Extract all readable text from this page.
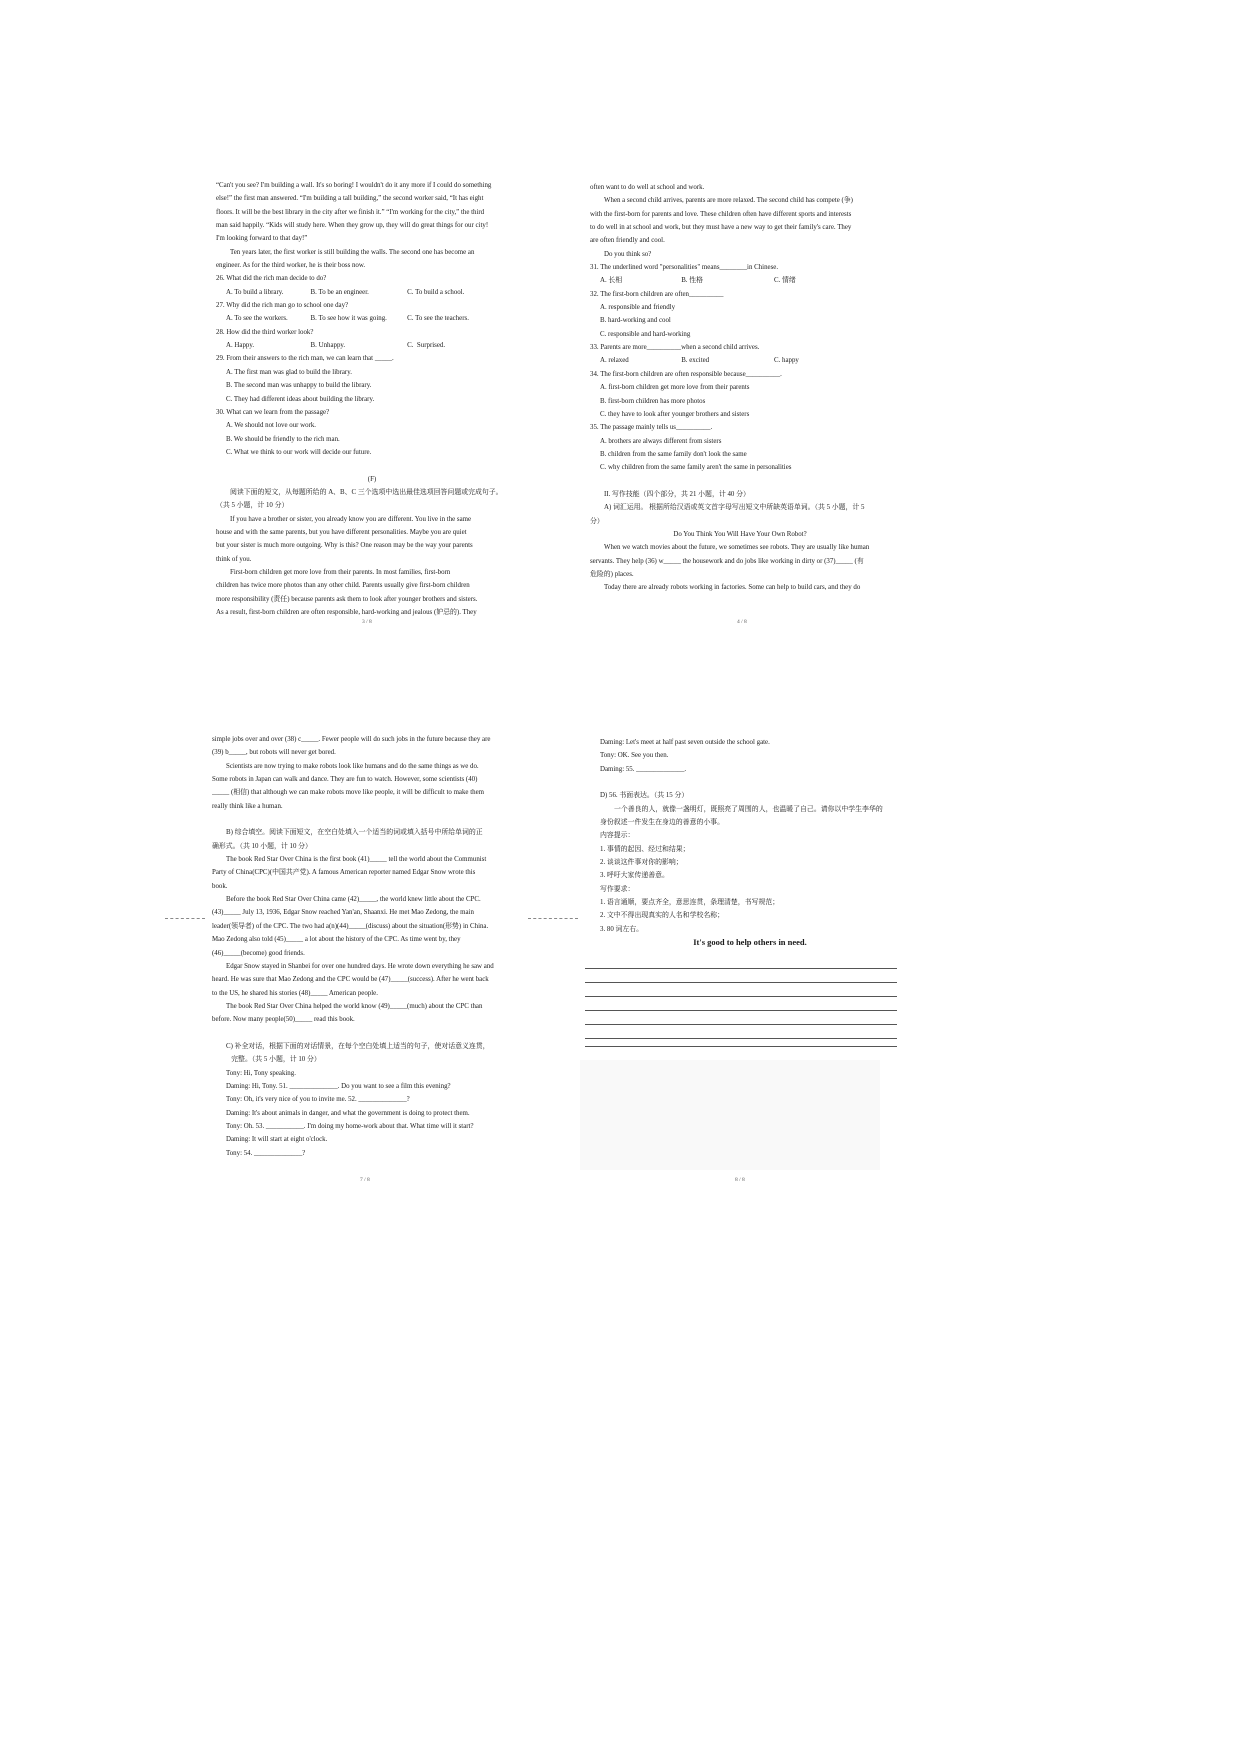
“Can't you see? I'm building a wall. It's so boring! I wouldn't do it any more if I could do something
else!” the first man answered. “I'm building a tall building,” the second worker said, “It has eight
floors. It will be the best library in the city after we finish it.” “I'm working for the city,” the third
man said happily. “Kids will study here. When they grow up, they will do great things for our city!
I'm looking forward to that day!”
Ten years later, the first worker is still building the walls. The second one has become an
engineer. As for the third worker, he is their boss now.
26. What did the rich man decide to do?
A. To build a library.	B. To be an engineer.	C. To build a school.
27. Why did the rich man go to school one day?
A. To see the workers.	B. To see how it was going.	C. To see the teachers.
28. How did the third worker look?
A. Happy.	B. Unhappy.	C.  Surprised.
29. From their answers to the rich man, we can learn that _____.
A. The first man was glad to build the library.
B. The second man was unhappy to build the library.
C. They had different ideas about building the library.
30. What can we learn from the passage?
A. We should not love our work.
B. We should be friendly to the rich man.
C. What we think to our work will decide our future.
(F)
阅读下面的短文，从每题所给的 A、B、C 三个选项中选出最佳选项回答问题或完成句子。
（共 5 小题，计 10 分）
If you have a brother or sister, you already know you are different. You live in the same
house and with the same parents, but you have different personalities. Maybe you are quiet
but your sister is much more outgoing. Why is this? One reason may be the way your parents
think of you.
First-born children get more love from their parents. In most families, first-born
children has twice more photos than any other child. Parents usually give first-born children
more responsibility (责任) because parents ask them to look after younger brothers and sisters.
As a result, first-born children are often responsible, hard-working and jealous (妒忌的). They
3 / 8
often want to do well at school and work.
When a second child arrives, parents are more relaxed. The second child has compete (争)
with the first-born for parents and love. These children often have different sports and interests
to do well in at school and work, but they must have a new way to get their family's care. They
are often friendly and cool.
Do you think so?
31. The underlined word "personalities" means________in Chinese.
A. 长相	B. 性格	C. 情绪
32. The first-born children are often__________
A. responsible and friendly
B. hard-working and cool
C. responsible and hard-working
33. Parents are more__________when a second child arrives.
A. relaxed	B. excited	C. happy
34. The first-born children are often responsible because__________.
A. first-born children get more love from their parents
B. first-born children has more photos
C. they have to look after younger brothers and sisters
35. The passage mainly tells us__________.
A. brothers are always different from sisters
B. children from the same family don't look the same
C. why children from the same family aren't the same in personalities
II. 写作技能（四个部分，共 21 小题，计 40 分）
A) 词汇运用。 根据所给汉语或英文首字母写出短文中所缺英语单词。（共 5 小题，计 5
分）
Do You Think You Will Have Your Own Robot?
When we watch movies about the future, we sometimes see robots. They are usually like human
servants. They help (36) w_____ the housework and do jobs like working in dirty or (37)_____ (有
危险的) places.
Today there are already robots working in factories. Some can help to build cars, and they do
4 / 8
simple jobs over and over (38) c_____. Fewer people will do such jobs in the future because they are
(39) b_____, but robots will never get bored.
Scientists are now trying to make robots look like humans and do the same things as we do.
Some robots in Japan can walk and dance. They are fun to watch. However, some scientists (40)
_____ (相信) that although we can make robots move like people, it will be difficult to make them
really think like a human.
B) 综合填空。阅读下面短文，在空白处填入一个适当的词或填入括号中所给单词的正
确形式。（共 10 小题，计 10 分）
The book Red Star Over China is the first book (41)_____ tell the world about the Communist
Party of China(CPC)(中国共产党). A famous American reporter named Edgar Snow wrote this
book.
Before the book Red Star Over China came (42)_____, the world knew little about the CPC.
(43)_____ July 13, 1936, Edgar Snow reached Yan'an, Shaanxi. He met Mao Zedong, the main
leader(领导者) of the CPC. The two had a(n)(44)_____(discuss) about the situation(形势) in China.
Mao Zedong also told (45)_____ a lot about the history of the CPC. As time went by, they
(46)_____(become) good friends.
Edgar Snow stayed in Shanbei for over one hundred days. He wrote down everything he saw and
heard. He was sure that Mao Zedong and the CPC would be (47)_____(success). After he went back
to the US, he shared his stories (48)_____ American people.
The book Red Star Over China helped the world know (49)_____(much) about the CPC than
before. Now many people(50)_____ read this book.
C) 补全对话，根据下面的对话情景，在每个空白处填上适当的句子，使对话意义连贯，
完整。（共 5 小题，计 10 分）
Tony: Hi, Tony speaking.
Daming: Hi, Tony. 51. ______________. Do you want to see a film this evening?
Tony: Oh, it's very nice of you to invite me. 52. ______________?
Daming: It's about animals in danger, and what the government is doing to protect them.
Tony: Oh. 53. ___________. I'm doing my home-work about that. What time will it start?
Daming: It will start at eight o'clock.
Tony: 54. ______________?
7 / 8
Daming: Let's meet at half past seven outside the school gate.
Tony: OK. See you then.
Daming: 55. ______________.
D) 56. 书面表达。（共 15 分）
一个善良的人，就像一盏明灯，既照亮了周围的人，也温暖了自己。请你以中学生李华的
身份叙述一件发生在身边的善意的小事。
内容提示：
1. 事情的起因、经过和结果；
2. 谈谈这件事对你的影响；
3. 呼吁大家传递善意。
写作要求：
1. 语言通顺，要点齐全，意思连贯，条理清楚，书写规范；
2. 文中不得出现真实的人名和学校名称；
3. 80 词左右。
It's good to help others in need.
8 / 8
